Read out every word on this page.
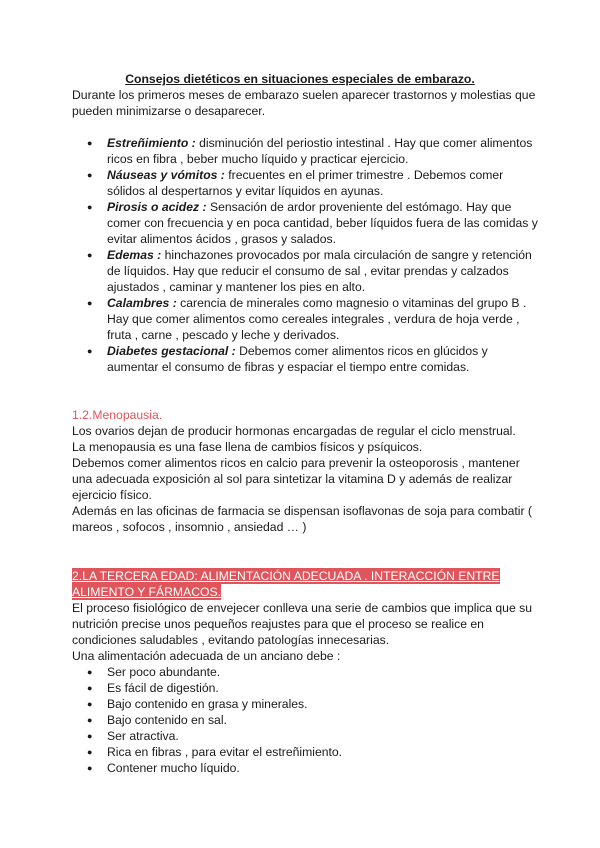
Consejos dietéticos en situaciones especiales de embarazo.

Durante los primeros meses de embarazo suelen aparecer trastornos y molestias que pueden minimizarse o desaparecer.

● Estreñimiento : disminución del periostio intestinal . Hay que comer alimentos ricos en fibra , beber mucho líquido y practicar ejercicio.
● Náuseas y vómitos : frecuentes en el primer trimestre . Debemos comer sólidos al despertarnos y evitar líquidos en ayunas.
● Pirosis o acidez : Sensación de ardor proveniente del estómago. Hay que comer con frecuencia y en poca cantidad, beber líquidos fuera de las comidas y evitar alimentos ácidos , grasos y salados.
● Edemas : hinchazones provocados por mala circulación de sangre y retención de líquidos. Hay que reducir el consumo de sal , evitar prendas y calzados ajustados , caminar y mantener los pies en alto.
● Calambres : carencia de minerales como magnesio o vitaminas del grupo B . Hay que comer alimentos como cereales integrales , verdura de hoja verde , fruta , carne , pescado y leche y derivados.
● Diabetes gestacional : Debemos comer alimentos ricos en glúcidos y aumentar el consumo de fibras y espaciar el tiempo entre comidas.

1.2.Menopausia.

Los ovarios dejan de producir hormonas encargadas de regular el ciclo menstrual.

La menopausia es una fase llena de cambios físicos y psíquicos.

Debemos comer alimentos ricos en calcio para prevenir la osteoporosis , mantener una adecuada exposición al sol para sintetizar la vitamina D y además de realizar ejercicio físico.

Además en las oficinas de farmacia se dispensan isoflavonas de soja para combatir ( mareos , sofocos , insomnio , ansiedad … )

2.LA TERCERA EDAD: ALIMENTACIÓN ADECUADA . INTERACCIÓN ENTRE ALIMENTO Y FÁRMACOS.

El proceso fisiológico de envejecer conlleva una serie de cambios que implica que su nutrición precise unos pequeños reajustes para que el proceso se realice en condiciones saludables , evitando patologías innecesarias.

Una alimentación adecuada de un anciano debe :

● Ser poco abundante.
● Es fácil de digestión.
● Bajo contenido en grasa y minerales.
● Bajo contenido en sal.
● Ser atractiva.
● Rica en fibras , para evitar el estreñimiento.
● Contener mucho líquido.
